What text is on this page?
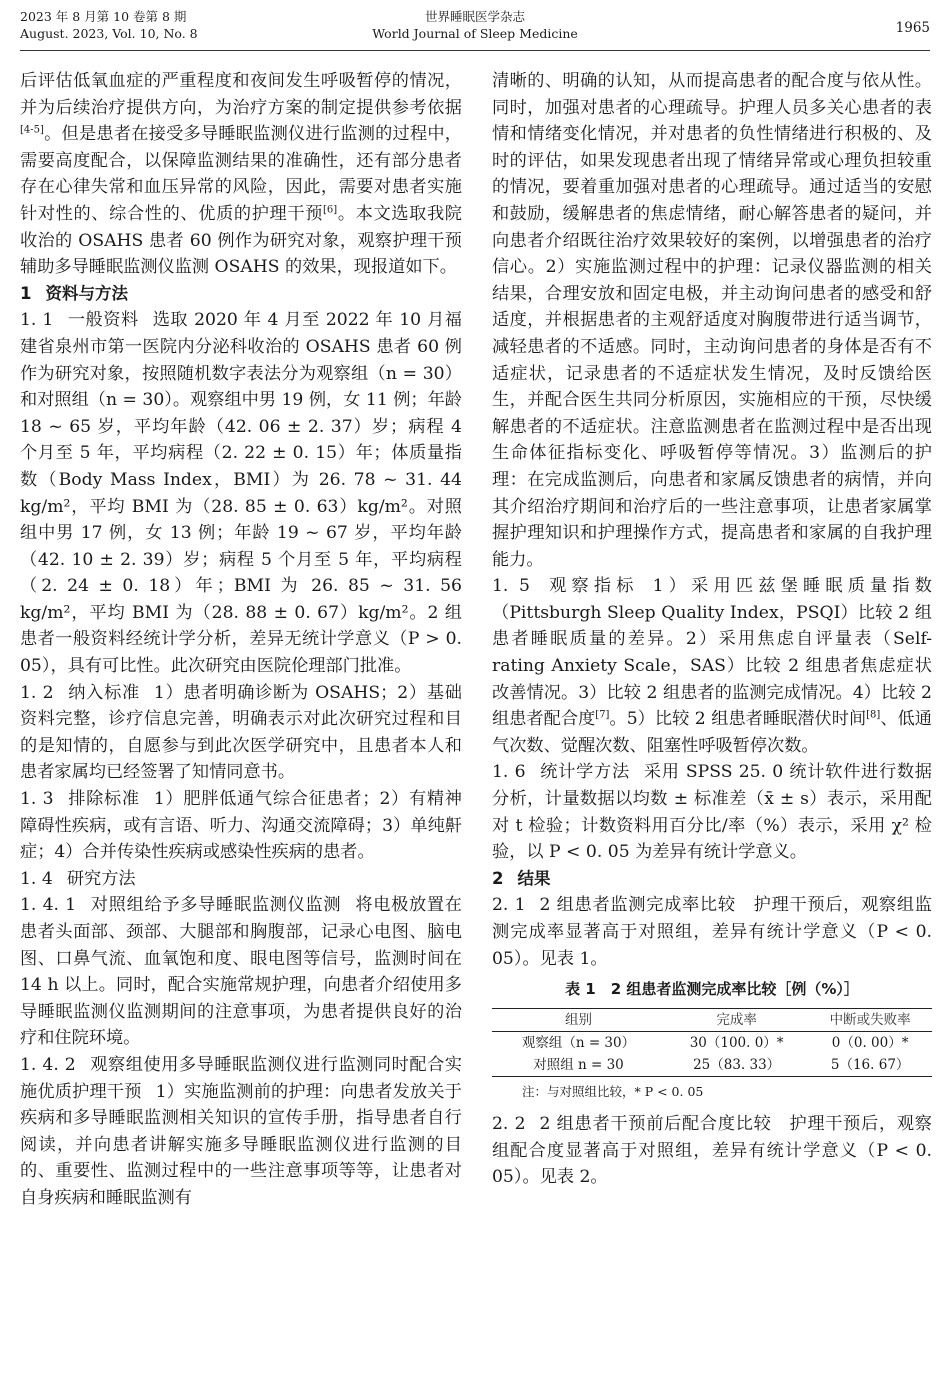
2023 年 8 月第 10 卷第 8 期
August. 2023, Vol. 10, No. 8
世界睡眠医学杂志
World Journal of Sleep Medicine	1965

后评估低氧血症的严重程度和夜间发生呼吸暂停的情况，并为后续治疗提供方向，为治疗方案的制定提供参考依据[4-5]。但是患者在接受多导睡眠监测仪进行监测的过程中，需要高度配合，以保障监测结果的准确性，还有部分患者存在心律失常和血压异常的风险，因此，需要对患者实施针对性的、综合性的、优质的护理干预[6]。本文选取我院收治的 OSAHS 患者 60 例作为研究对象，观察护理干预辅助多导睡眠监测仪监测 OSAHS 的效果，现报道如下。

1 资料与方法

1. 1 一般资料 选取 2020 年 4 月至 2022 年 10 月福建省泉州市第一医院内分泌科收治的 OSAHS 患者 60 例作为研究对象，按照随机数字表法分为观察组（n = 30）和对照组（n = 30）。观察组中男 19 例，女 11 例；年龄 18 ~ 65 岁，平均年龄（42. 06 ± 2. 37）岁；病程 4 个月至 5 年，平均病程（2. 22 ± 0. 15）年；体质量指数（Body Mass Index，BMI）为 26. 78 ~ 31. 44 kg/m²，平均 BMI 为（28. 85 ± 0. 63）kg/m²。对照组中男 17 例，女 13 例；年龄 19 ~ 67 岁，平均年龄（42. 10 ± 2. 39）岁；病程 5 个月至 5 年，平均病程（2. 24 ± 0. 18）年；BMI 为 26. 85 ~ 31. 56 kg/m²，平均 BMI 为（28. 88 ± 0. 67）kg/m²。2 组患者一般资料经统计学分析，差异无统计学意义（P > 0. 05），具有可比性。此次研究由医院伦理部门批准。

1. 2 纳入标准 1）患者明确诊断为 OSAHS；2）基础资料完整，诊疗信息完善，明确表示对此次研究过程和目的是知情的，自愿参与到此次医学研究中，且患者本人和患者家属均已经签署了知情同意书。

1. 3 排除标准 1）肥胖低通气综合征患者；2）有精神障碍性疾病，或有言语、听力、沟通交流障碍；3）单纯鼾症；4）合并传染性疾病或感染性疾病的患者。

1. 4 研究方法

1. 4. 1 对照组给予多导睡眠监测仪监测 将电极放置在患者头面部、颈部、大腿部和胸腹部，记录心电图、脑电图、口鼻气流、血氧饱和度、眼电图等信号，监测时间在 14 h 以上。同时，配合实施常规护理，向患者介绍使用多导睡眠监测仪监测期间的注意事项，为患者提供良好的治疗和住院环境。

1. 4. 2 观察组使用多导睡眠监测仪进行监测同时配合实施优质护理干预 1）实施监测前的护理：向患者发放关于疾病和多导睡眠监测相关知识的宣传手册，指导患者自行阅读，并向患者讲解实施多导睡眠监测仪进行监测的目的、重要性、监测过程中的一些注意事项等等，让患者对自身疾病和睡眠监测有

清晰的、明确的认知，从而提高患者的配合度与依从性。同时，加强对患者的心理疏导。护理人员多关心患者的表情和情绪变化情况，并对患者的负性情绪进行积极的、及时的评估，如果发现患者出现了情绪异常或心理负担较重的情况，要着重加强对患者的心理疏导。通过适当的安慰和鼓励，缓解患者的焦虑情绪，耐心解答患者的疑问，并向患者介绍既往治疗效果较好的案例，以增强患者的治疗信心。2）实施监测过程中的护理：记录仪器监测的相关结果，合理安放和固定电极，并主动询问患者的感受和舒适度，并根据患者的主观舒适度对胸腹带进行适当调节，减轻患者的不适感。同时，主动询问患者的身体是否有不适症状，记录患者的不适症状发生情况，及时反馈给医生，并配合医生共同分析原因，实施相应的干预，尽快缓解患者的不适症状。注意监测患者在监测过程中是否出现生命体征指标变化、呼吸暂停等情况。3）监测后的护理：在完成监测后，向患者和家属反馈患者的病情，并向其介绍治疗期间和治疗后的一些注意事项，让患者家属掌握护理知识和护理操作方式，提高患者和家属的自我护理能力。

1. 5 观察指标 1）采用匹兹堡睡眠质量指数（Pittsburgh Sleep Quality Index，PSQI）比较 2 组患者睡眠质量的差异。2）采用焦虑自评量表（Self-rating Anxiety Scale，SAS）比较 2 组患者焦虑症状改善情况。3）比较 2 组患者的监测完成情况。4）比较 2 组患者配合度[7]。5）比较 2 组患者睡眠潜伏时间[8]、低通气次数、觉醒次数、阻塞性呼吸暂停次数。

1. 6 统计学方法 采用 SPSS 25. 0 统计软件进行数据分析，计量数据以均数 ± 标准差（x̄ ± s）表示，采用配对 t 检验；计数资料用百分比/率（%）表示，采用 χ² 检验，以 P < 0. 05 为差异有统计学意义。

2 结果

2. 1 2 组患者监测完成率比较　护理干预后，观察组监测完成率显著高于对照组，差异有统计学意义（P < 0. 05）。见表 1。

表 1　2 组患者监测完成率比较［例（%）］
组别	完成率	中断或失败率
观察组（n = 30）	30（100. 0）*	0（0. 00）*
对照组 n = 30	25（83. 33）	5（16. 67）

注：与对照组比较，* P < 0. 05

2. 2 2 组患者干预前后配合度比较　护理干预后，观察组配合度显著高于对照组，差异有统计学意义（P < 0. 05）。见表 2。
